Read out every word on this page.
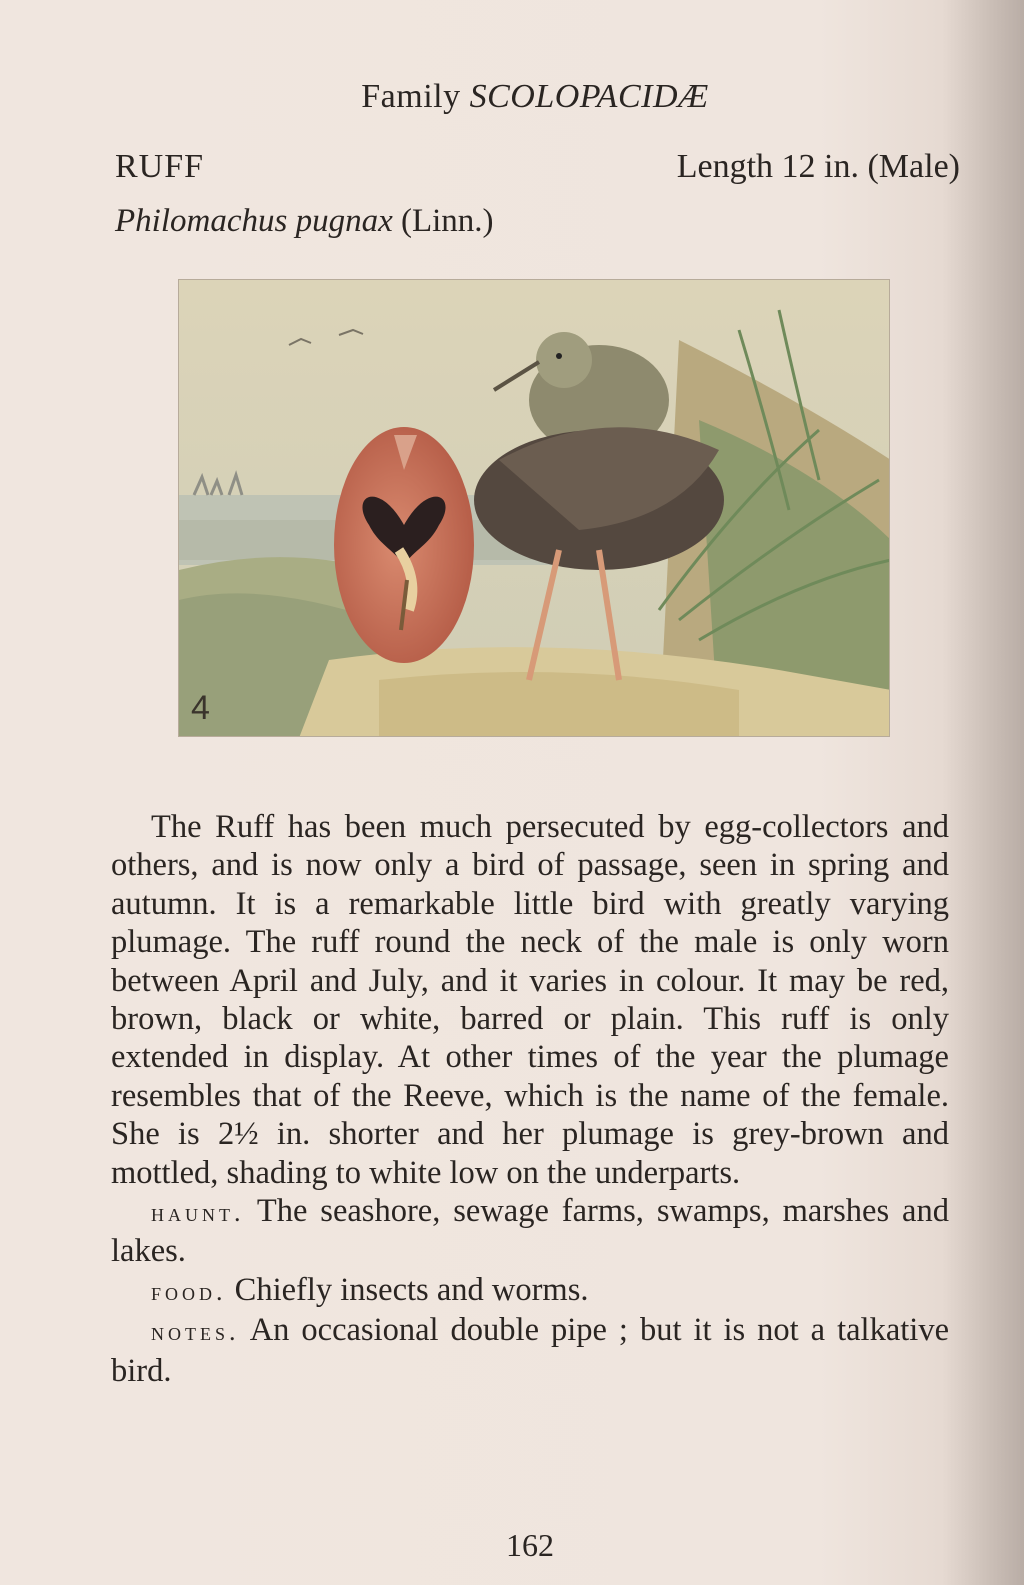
Family SCOLOPACIDÆ
RUFF	Length 12 in. (Male)
Philomachus pugnax (Linn.)
4

The Ruff has been much persecuted by egg-collectors and others, and is now only a bird of passage, seen in spring and autumn. It is a remarkable little bird with greatly varying plumage. The ruff round the neck of the male is only worn between April and July, and it varies in colour. It may be red, brown, black or white, barred or plain. This ruff is only extended in display. At other times of the year the plumage resembles that of the Reeve, which is the name of the female. She is 2½ in. shorter and her plumage is grey-brown and mottled, shading to white low on the underparts.

haunt. The seashore, sewage farms, swamps, marshes and lakes.

food. Chiefly insects and worms.

notes. An occasional double pipe ; but it is not a talkative bird.

162
